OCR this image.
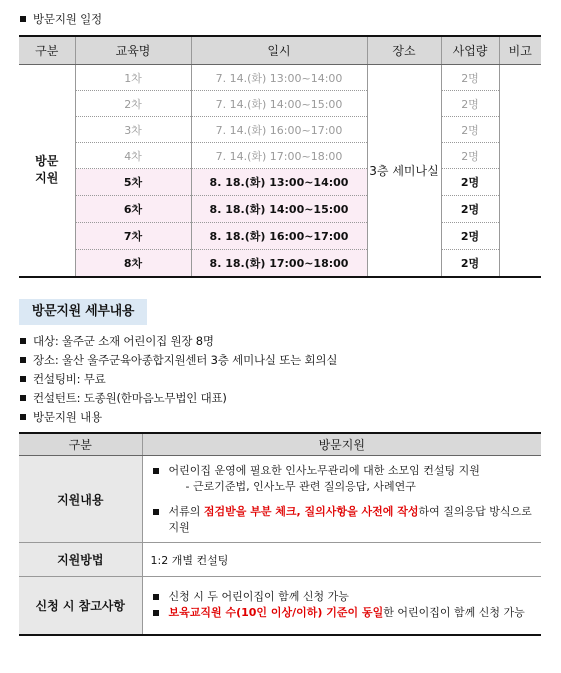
방문지원 일정
구분	교육명	일시	장소	사업량	비고
방문
지원	1차	7. 14.(화) 13:00~14:00	3층 세미나실	2명	
	2차	7. 14.(화) 14:00~15:00		2명	
	3차	7. 14.(화) 16:00~17:00		2명	
	4차	7. 14.(화) 17:00~18:00		2명	
	5차	8. 18.(화) 13:00~14:00		2명	
	6차	8. 18.(화) 14:00~15:00		2명	
	7차	8. 18.(화) 16:00~17:00		2명	
	8차	8. 18.(화) 17:00~18:00		2명	
방문지원 세부내용
대상: 울주군 소재 어린이집 원장 8명
장소: 울산 울주군육아종합지원센터 3층 세미나실 또는 회의실
컨설팅비: 무료
컨설턴트: 도종원(한마음노무법인 대표)
방문지원 내용
구분	방문지원
지원내용	어린이집 운영에 필요한 인사노무관리에 대한 소모임 컨설팅 지원
- 근로기준법, 인사노무 관련 질의응답, 사례연구
서류의 점검받을 부분 체크, 질의사항을 사전에 작성하여 질의응답 방식으로 지원

지원방법	1:2 개별 컨설팅
신청 시 참고사항	신청 시 두 어린이집이 함께 신청 가능
보육교직원 수(10인 이상/이하) 기준이 동일한 어린이집이 함께 신청 가능
